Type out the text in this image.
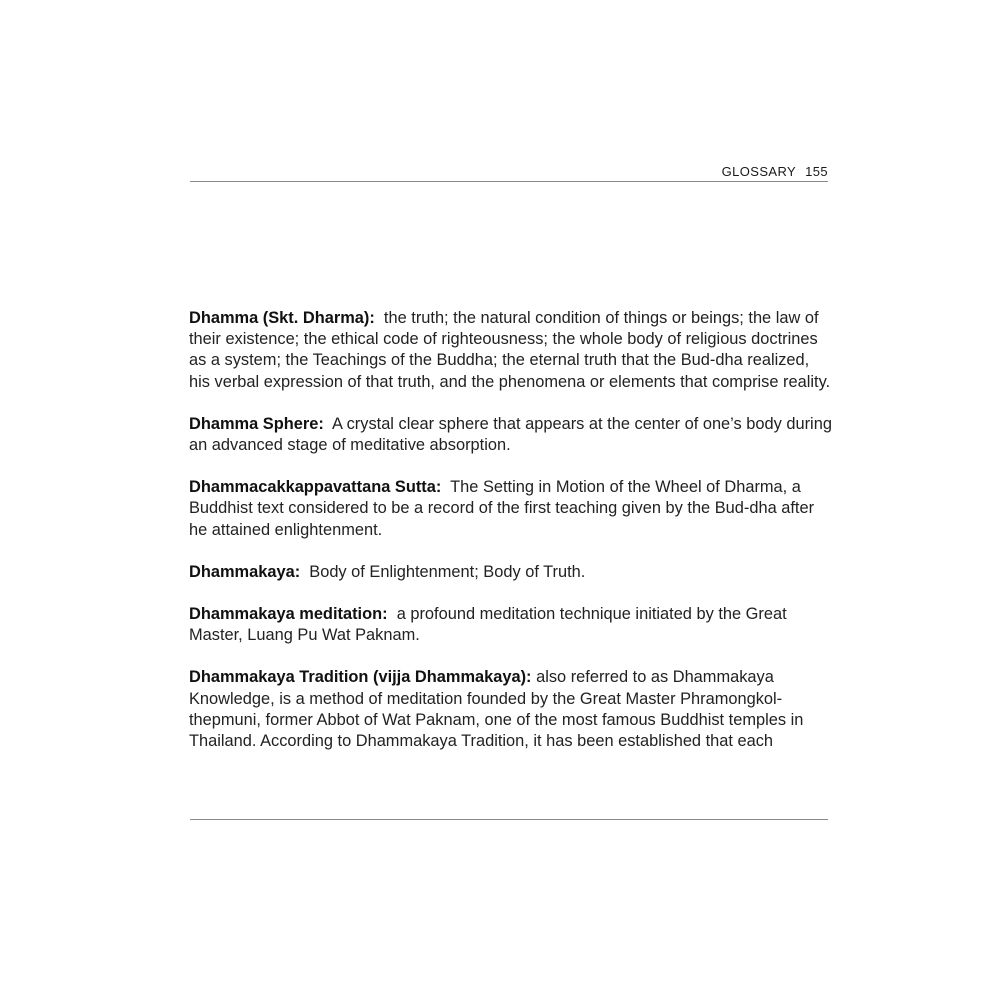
GLOSSARY 155
Dhamma (Skt. Dharma): the truth; the natural condition of things or beings; the law of their existence; the ethical code of righteousness; the whole body of religious doctrines as a system; the Teachings of the Buddha; the eternal truth that the Bud-dha realized, his verbal expression of that truth, and the phenomena or elements that comprise reality.
Dhamma Sphere: A crystal clear sphere that appears at the center of one’s body during an advanced stage of meditative absorption.
Dhammacakkappavattana Sutta: The Setting in Motion of the Wheel of Dharma, a Buddhist text considered to be a record of the first teaching given by the Bud-dha after he attained enlightenment.
Dhammakaya: Body of Enlightenment; Body of Truth.
Dhammakaya meditation: a profound meditation technique initiated by the Great Master, Luang Pu Wat Paknam.
Dhammakaya Tradition (vijja Dhammakaya): also referred to as Dhammakaya Knowledge, is a method of meditation founded by the Great Master Phramongkol-thepmuni, former Abbot of Wat Paknam, one of the most famous Buddhist temples in Thailand. According to Dhammakaya Tradition, it has been established that each
